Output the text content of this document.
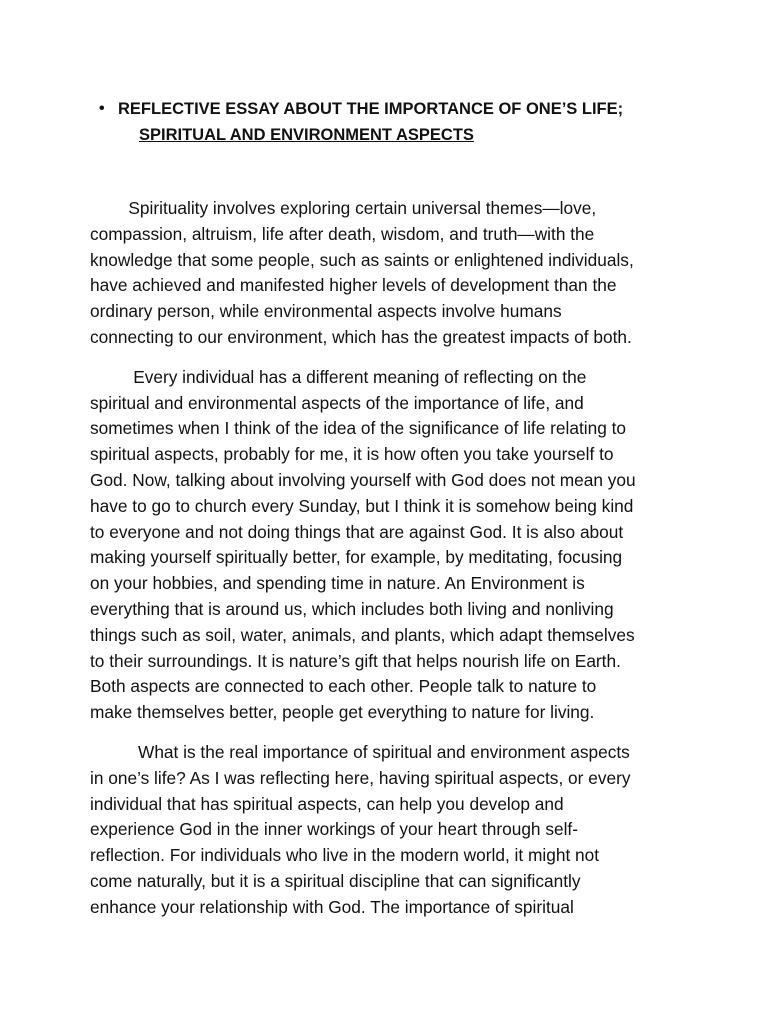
• REFLECTIVE ESSAY ABOUT THE IMPORTANCE OF ONE’S LIFE;
SPIRITUAL AND ENVIRONMENT ASPECTS

Spirituality involves exploring certain universal themes—love,
compassion, altruism, life after death, wisdom, and truth—with the
knowledge that some people, such as saints or enlightened individuals,
have achieved and manifested higher levels of development than the
ordinary person, while environmental aspects involve humans
connecting to our environment, which has the greatest impacts of both.

Every individual has a different meaning of reflecting on the
spiritual and environmental aspects of the importance of life, and
sometimes when I think of the idea of the significance of life relating to
spiritual aspects, probably for me, it is how often you take yourself to
God. Now, talking about involving yourself with God does not mean you
have to go to church every Sunday, but I think it is somehow being kind
to everyone and not doing things that are against God. It is also about
making yourself spiritually better, for example, by meditating, focusing
on your hobbies, and spending time in nature. An Environment is
everything that is around us, which includes both living and nonliving
things such as soil, water, animals, and plants, which adapt themselves
to their surroundings. It is nature’s gift that helps nourish life on Earth.
Both aspects are connected to each other. People talk to nature to
make themselves better, people get everything to nature for living.

What is the real importance of spiritual and environment aspects
in one’s life? As I was reflecting here, having spiritual aspects, or every
individual that has spiritual aspects, can help you develop and
experience God in the inner workings of your heart through self-
reflection. For individuals who live in the modern world, it might not
come naturally, but it is a spiritual discipline that can significantly
enhance your relationship with God. The importance of spiritual
